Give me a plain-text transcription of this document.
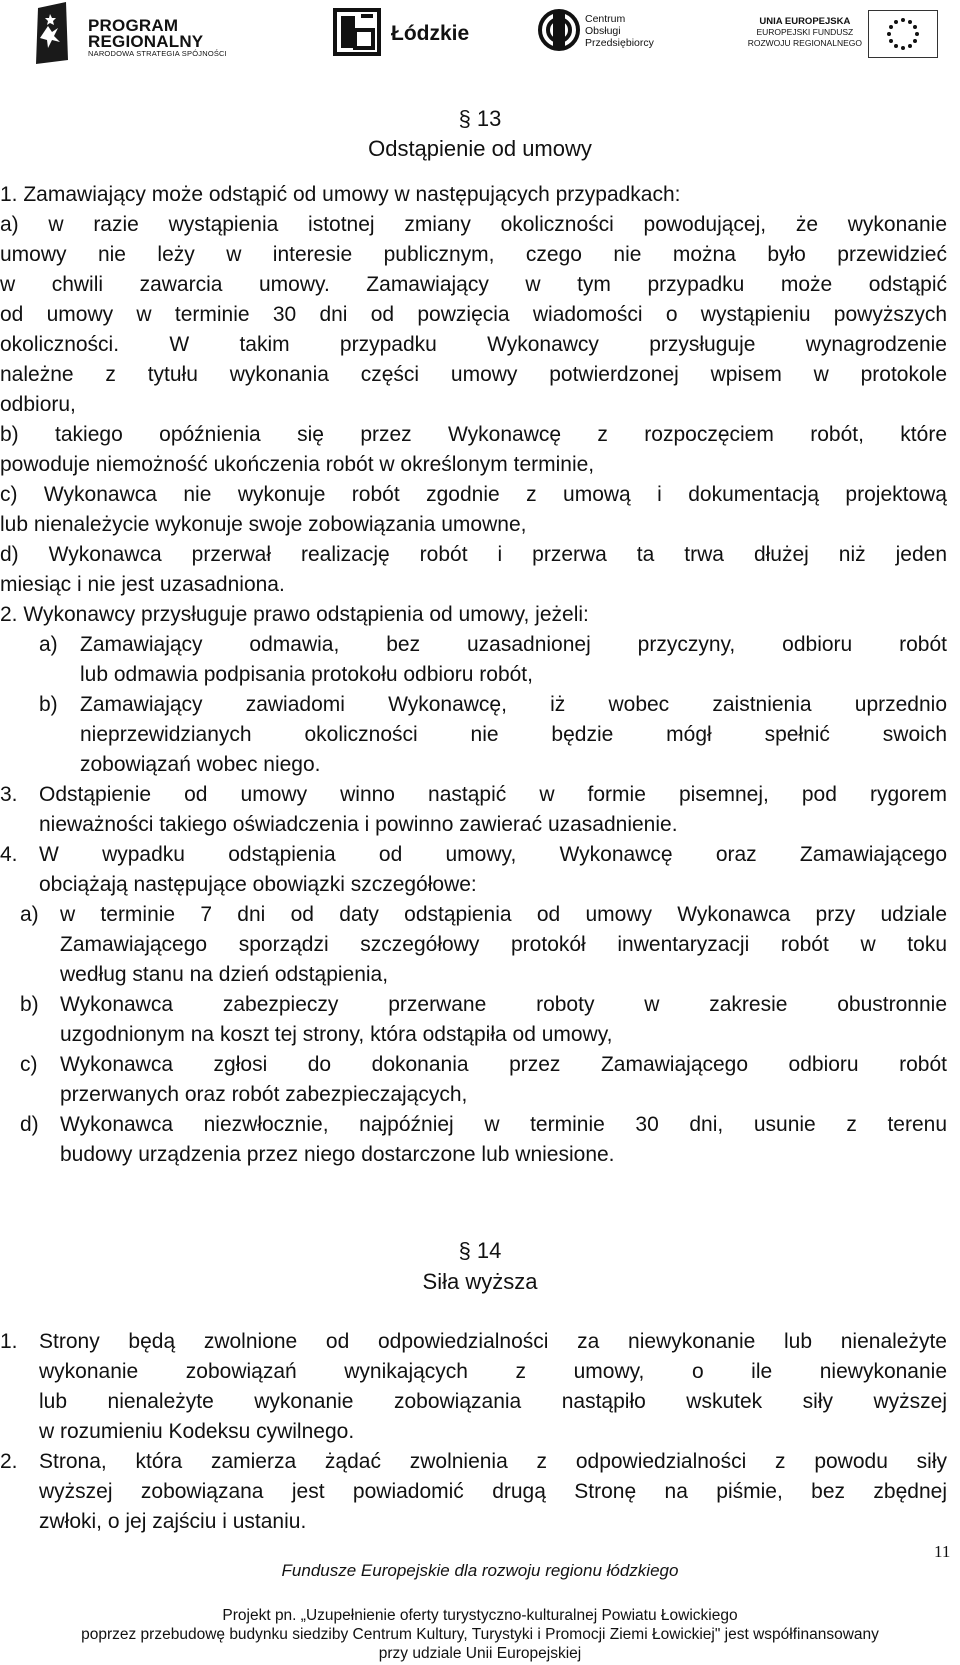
PROGRAM
REGIONALNY
NARODOWA STRATEGIA SPÓJNOŚCI
Łódzkie
Centrum
Obsługi
Przedsiębiorcy
UNIA EUROPEJSKA
EUROPEJSKI FUNDUSZ
ROZWOJU REGIONALNEGO
§ 13
Odstąpienie od umowy
1. Zamawiający może odstąpić od umowy w następujących przypadkach:
a) w razie wystąpienia istotnej zmiany okoliczności powodującej, że wykonanie
umowy nie leży w interesie publicznym, czego nie można było przewidzieć
w chwili zawarcia umowy. Zamawiający w tym przypadku może odstąpić
od umowy w terminie 30 dni od powzięcia wiadomości o wystąpieniu powyższych
okoliczności. W takim przypadku Wykonawcy przysługuje wynagrodzenie
należne z tytułu wykonania części umowy potwierdzonej wpisem w protokole
odbioru,
b) takiego opóźnienia się przez Wykonawcę z rozpoczęciem robót, które
powoduje niemożność ukończenia robót w określonym terminie,
c) Wykonawca nie wykonuje robót zgodnie z umową i dokumentacją projektową
lub nienależycie wykonuje swoje zobowiązania umowne,
d) Wykonawca przerwał realizację robót i przerwa ta trwa dłużej niż jeden
miesiąc i nie jest uzasadniona.
2. Wykonawcy przysługuje prawo odstąpienia od umowy, jeżeli:
a) Zamawiający odmawia, bez uzasadnionej przyczyny, odbioru robót
lub odmawia podpisania protokołu odbioru robót,
b) Zamawiający zawiadomi Wykonawcę, iż wobec zaistnienia uprzednio
nieprzewidzianych okoliczności nie będzie mógł spełnić swoich
zobowiązań wobec niego.
3. Odstąpienie od umowy winno nastąpić w formie pisemnej, pod rygorem
nieważności takiego oświadczenia i powinno zawierać uzasadnienie.
4. W wypadku odstąpienia od umowy, Wykonawcę oraz Zamawiającego
obciążają następujące obowiązki szczegółowe:
a) w terminie 7 dni od daty odstąpienia od umowy Wykonawca przy udziale
Zamawiającego sporządzi szczegółowy protokół inwentaryzacji robót w toku
według stanu na dzień odstąpienia,
b) Wykonawca zabezpieczy przerwane roboty w zakresie obustronnie
uzgodnionym na koszt tej strony, która odstąpiła od umowy,
c) Wykonawca zgłosi do dokonania przez Zamawiającego odbioru robót
przerwanych oraz robót zabezpieczających,
d) Wykonawca niezwłocznie, najpóźniej w terminie 30 dni, usunie z terenu
budowy urządzenia przez niego dostarczone lub wniesione.
§ 14
Siła wyższa
1. Strony będą zwolnione od odpowiedzialności za niewykonanie lub nienależyte
wykonanie zobowiązań wynikających z umowy, o ile niewykonanie
lub nienależyte wykonanie zobowiązania nastąpiło wskutek siły wyższej
w rozumieniu Kodeksu cywilnego.
2. Strona, która zamierza żądać zwolnienia z odpowiedzialności z powodu siły
wyższej zobowiązana jest powiadomić drugą Stronę na piśmie, bez zbędnej
zwłoki, o jej zajściu i ustaniu.
11
Fundusze Europejskie dla rozwoju regionu łódzkiego
Projekt pn. „Uzupełnienie oferty turystyczno-kulturalnej Powiatu Łowickiego
poprzez przebudowę budynku siedziby Centrum Kultury, Turystyki i Promocji Ziemi Łowickiej" jest współfinansowany
przy udziale Unii Europejskiej
